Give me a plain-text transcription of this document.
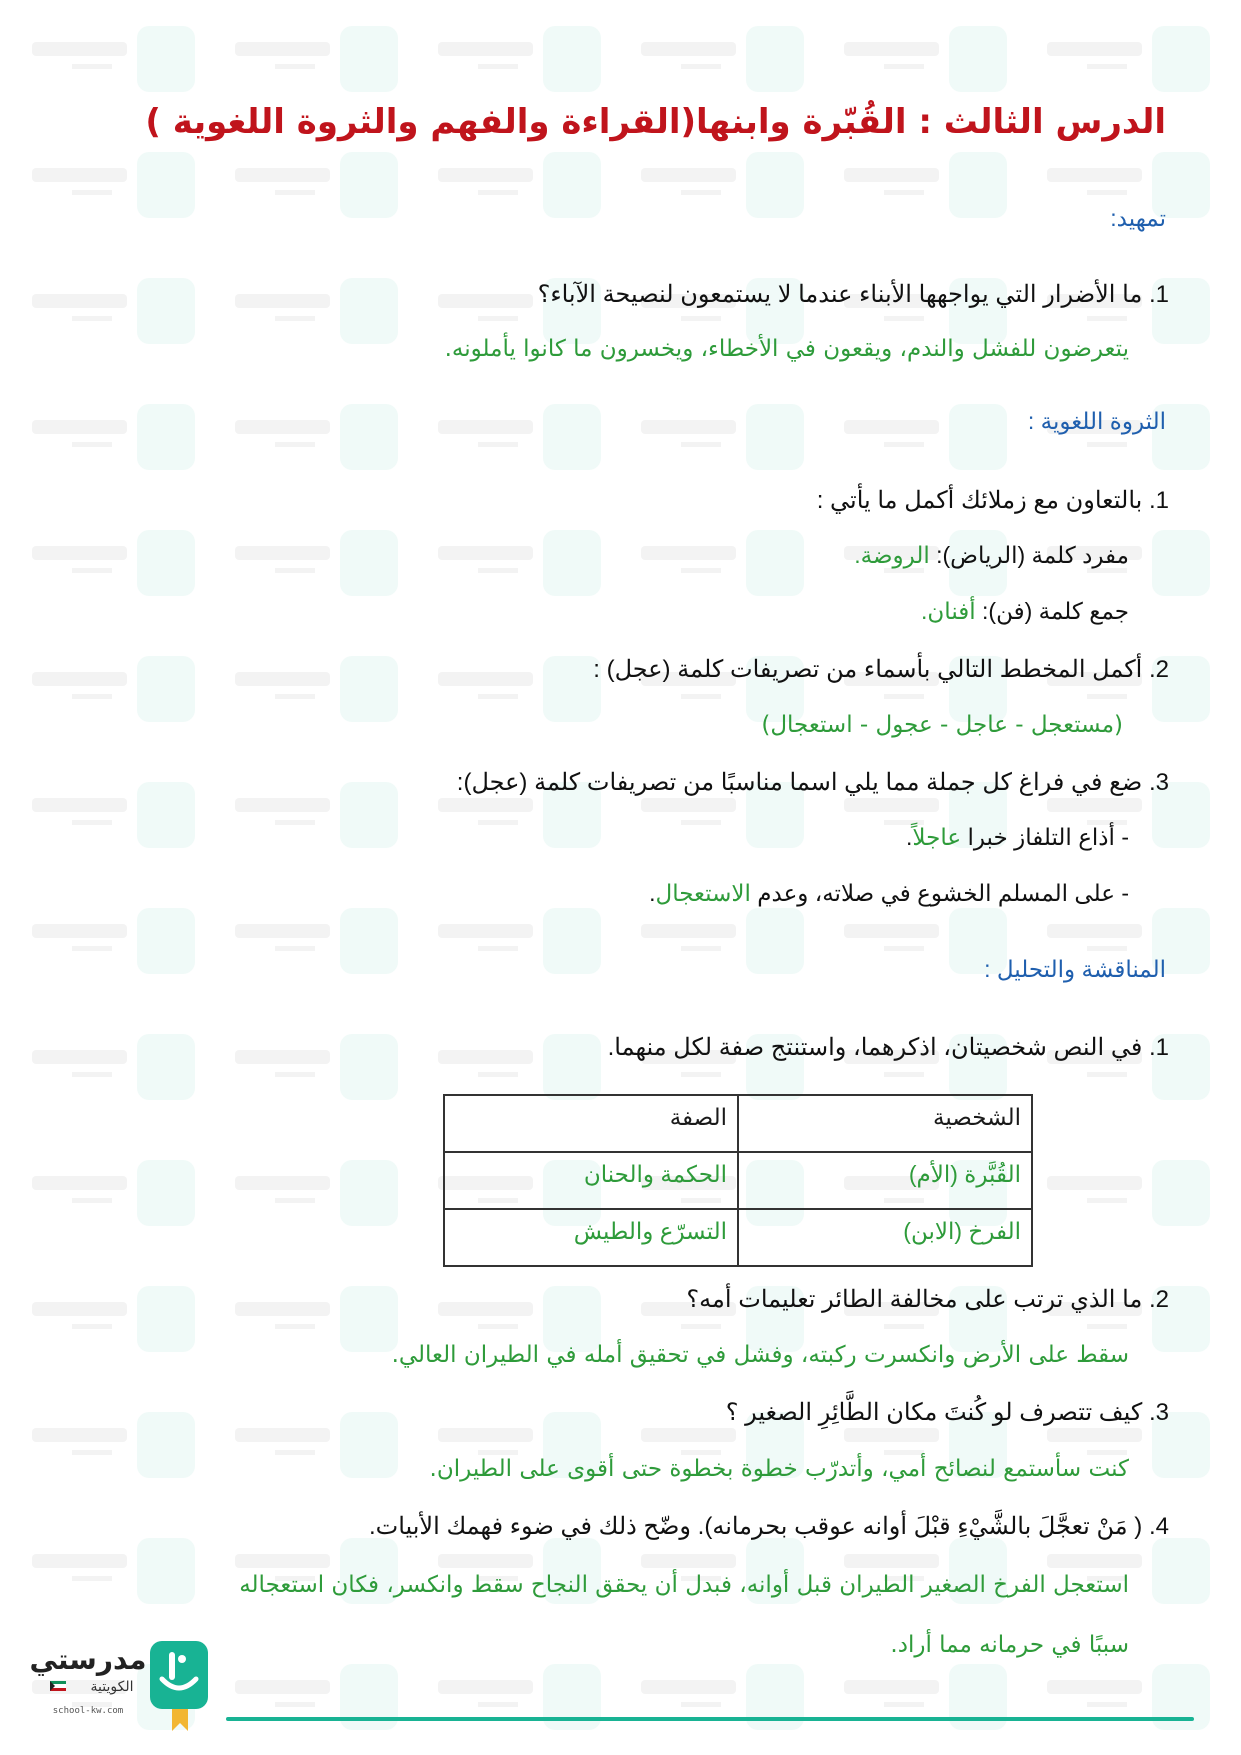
الدرس الثالث : القُبّرة وابنها(القراءة والفهم والثروة اللغوية )
تمهيد:
1. ما الأضرار التي يواجهها الأبناء عندما لا يستمعون لنصيحة الآباء؟
يتعرضون للفشل والندم، ويقعون في الأخطاء، ويخسرون ما كانوا يأملونه.
الثروة اللغوية :
1. بالتعاون مع زملائك أكمل ما يأتي :
مفرد كلمة (الرياض): الروضة.
جمع كلمة (فن): أفنان.
2. أكمل المخطط التالي بأسماء من تصريفات كلمة (عجل) :
(مستعجل - عاجل - عجول - استعجال)
3. ضع في فراغ كل جملة مما يلي اسما مناسبًا من تصريفات كلمة (عجل):
- أذاع التلفاز خبرا عاجلاً.
- على المسلم الخشوع في صلاته، وعدم الاستعجال.
المناقشة والتحليل :
1. في النص شخصيتان، اذكرهما، واستنتج صفة لكل منهما.
الشخصية	الصفة

القُبَّرة (الأم)	الحكمة والحنان

الفرخ (الابن)	التسرّع والطيش
2. ما الذي ترتب على مخالفة الطائر تعليمات أمه؟
سقط على الأرض وانكسرت ركبته، وفشل في تحقيق أمله في الطيران العالي.
3. كيف تتصرف لو كُنتَ مكان الطَّائِرِ الصغير ؟
كنت سأستمع لنصائح أمي، وأتدرّب خطوة بخطوة حتى أقوى على الطيران.
4. ( مَنْ تعجَّلَ بالشَّيْءِ قبْلَ أوانه عوقب بحرمانه). وضّح ذلك في ضوء فهمك الأبيات.
استعجل الفرخ الصغير الطيران قبل أوانه، فبدل أن يحقق النجاح سقط وانكسر، فكان استعجاله
سببًا في حرمانه مما أراد.
مدرستي
الكويتية
school-kw.com
